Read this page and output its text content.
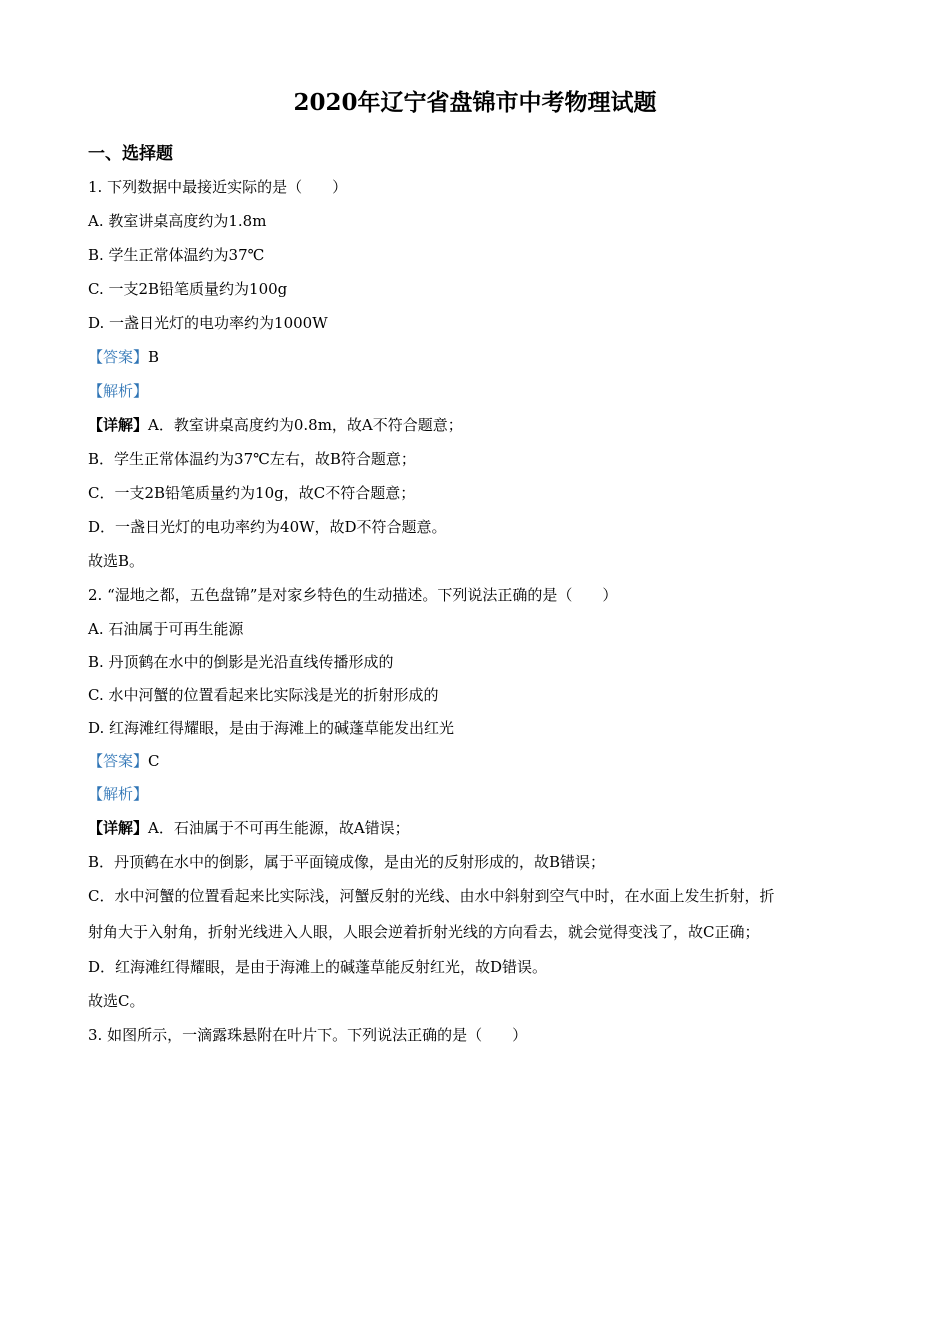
2020年辽宁省盘锦市中考物理试题
一、选择题
1. 下列数据中最接近实际的是（　　）
A. 教室讲桌高度约为1.8m
B. 学生正常体温约为37℃
C. 一支2B铅笔质量约为100g
D. 一盏日光灯的电功率约为1000W
【答案】B
【解析】
【详解】A．教室讲桌高度约为0.8m，故A不符合题意；
B．学生正常体温约为37℃左右，故B符合题意；
C．一支2B铅笔质量约为10g，故C不符合题意；
D．一盏日光灯的电功率约为40W，故D不符合题意。
故选B。
2. “湿地之都，五色盘锦”是对家乡特色的生动描述。下列说法正确的是（　　）
A. 石油属于可再生能源
B. 丹顶鹤在水中的倒影是光沿直线传播形成的
C. 水中河蟹的位置看起来比实际浅是光的折射形成的
D. 红海滩红得耀眼，是由于海滩上的碱蓬草能发出红光
【答案】C
【解析】
【详解】A．石油属于不可再生能源，故A错误；
B．丹顶鹤在水中的倒影，属于平面镜成像，是由光的反射形成的，故B错误；
C．水中河蟹的位置看起来比实际浅，河蟹反射的光线、由水中斜射到空气中时，在水面上发生折射，折
射角大于入射角，折射光线进入人眼，人眼会逆着折射光线的方向看去，就会觉得变浅了，故C正确；
D．红海滩红得耀眼，是由于海滩上的碱蓬草能反射红光，故D错误。
故选C。
3. 如图所示，一滴露珠悬附在叶片下。下列说法正确的是（　　）
